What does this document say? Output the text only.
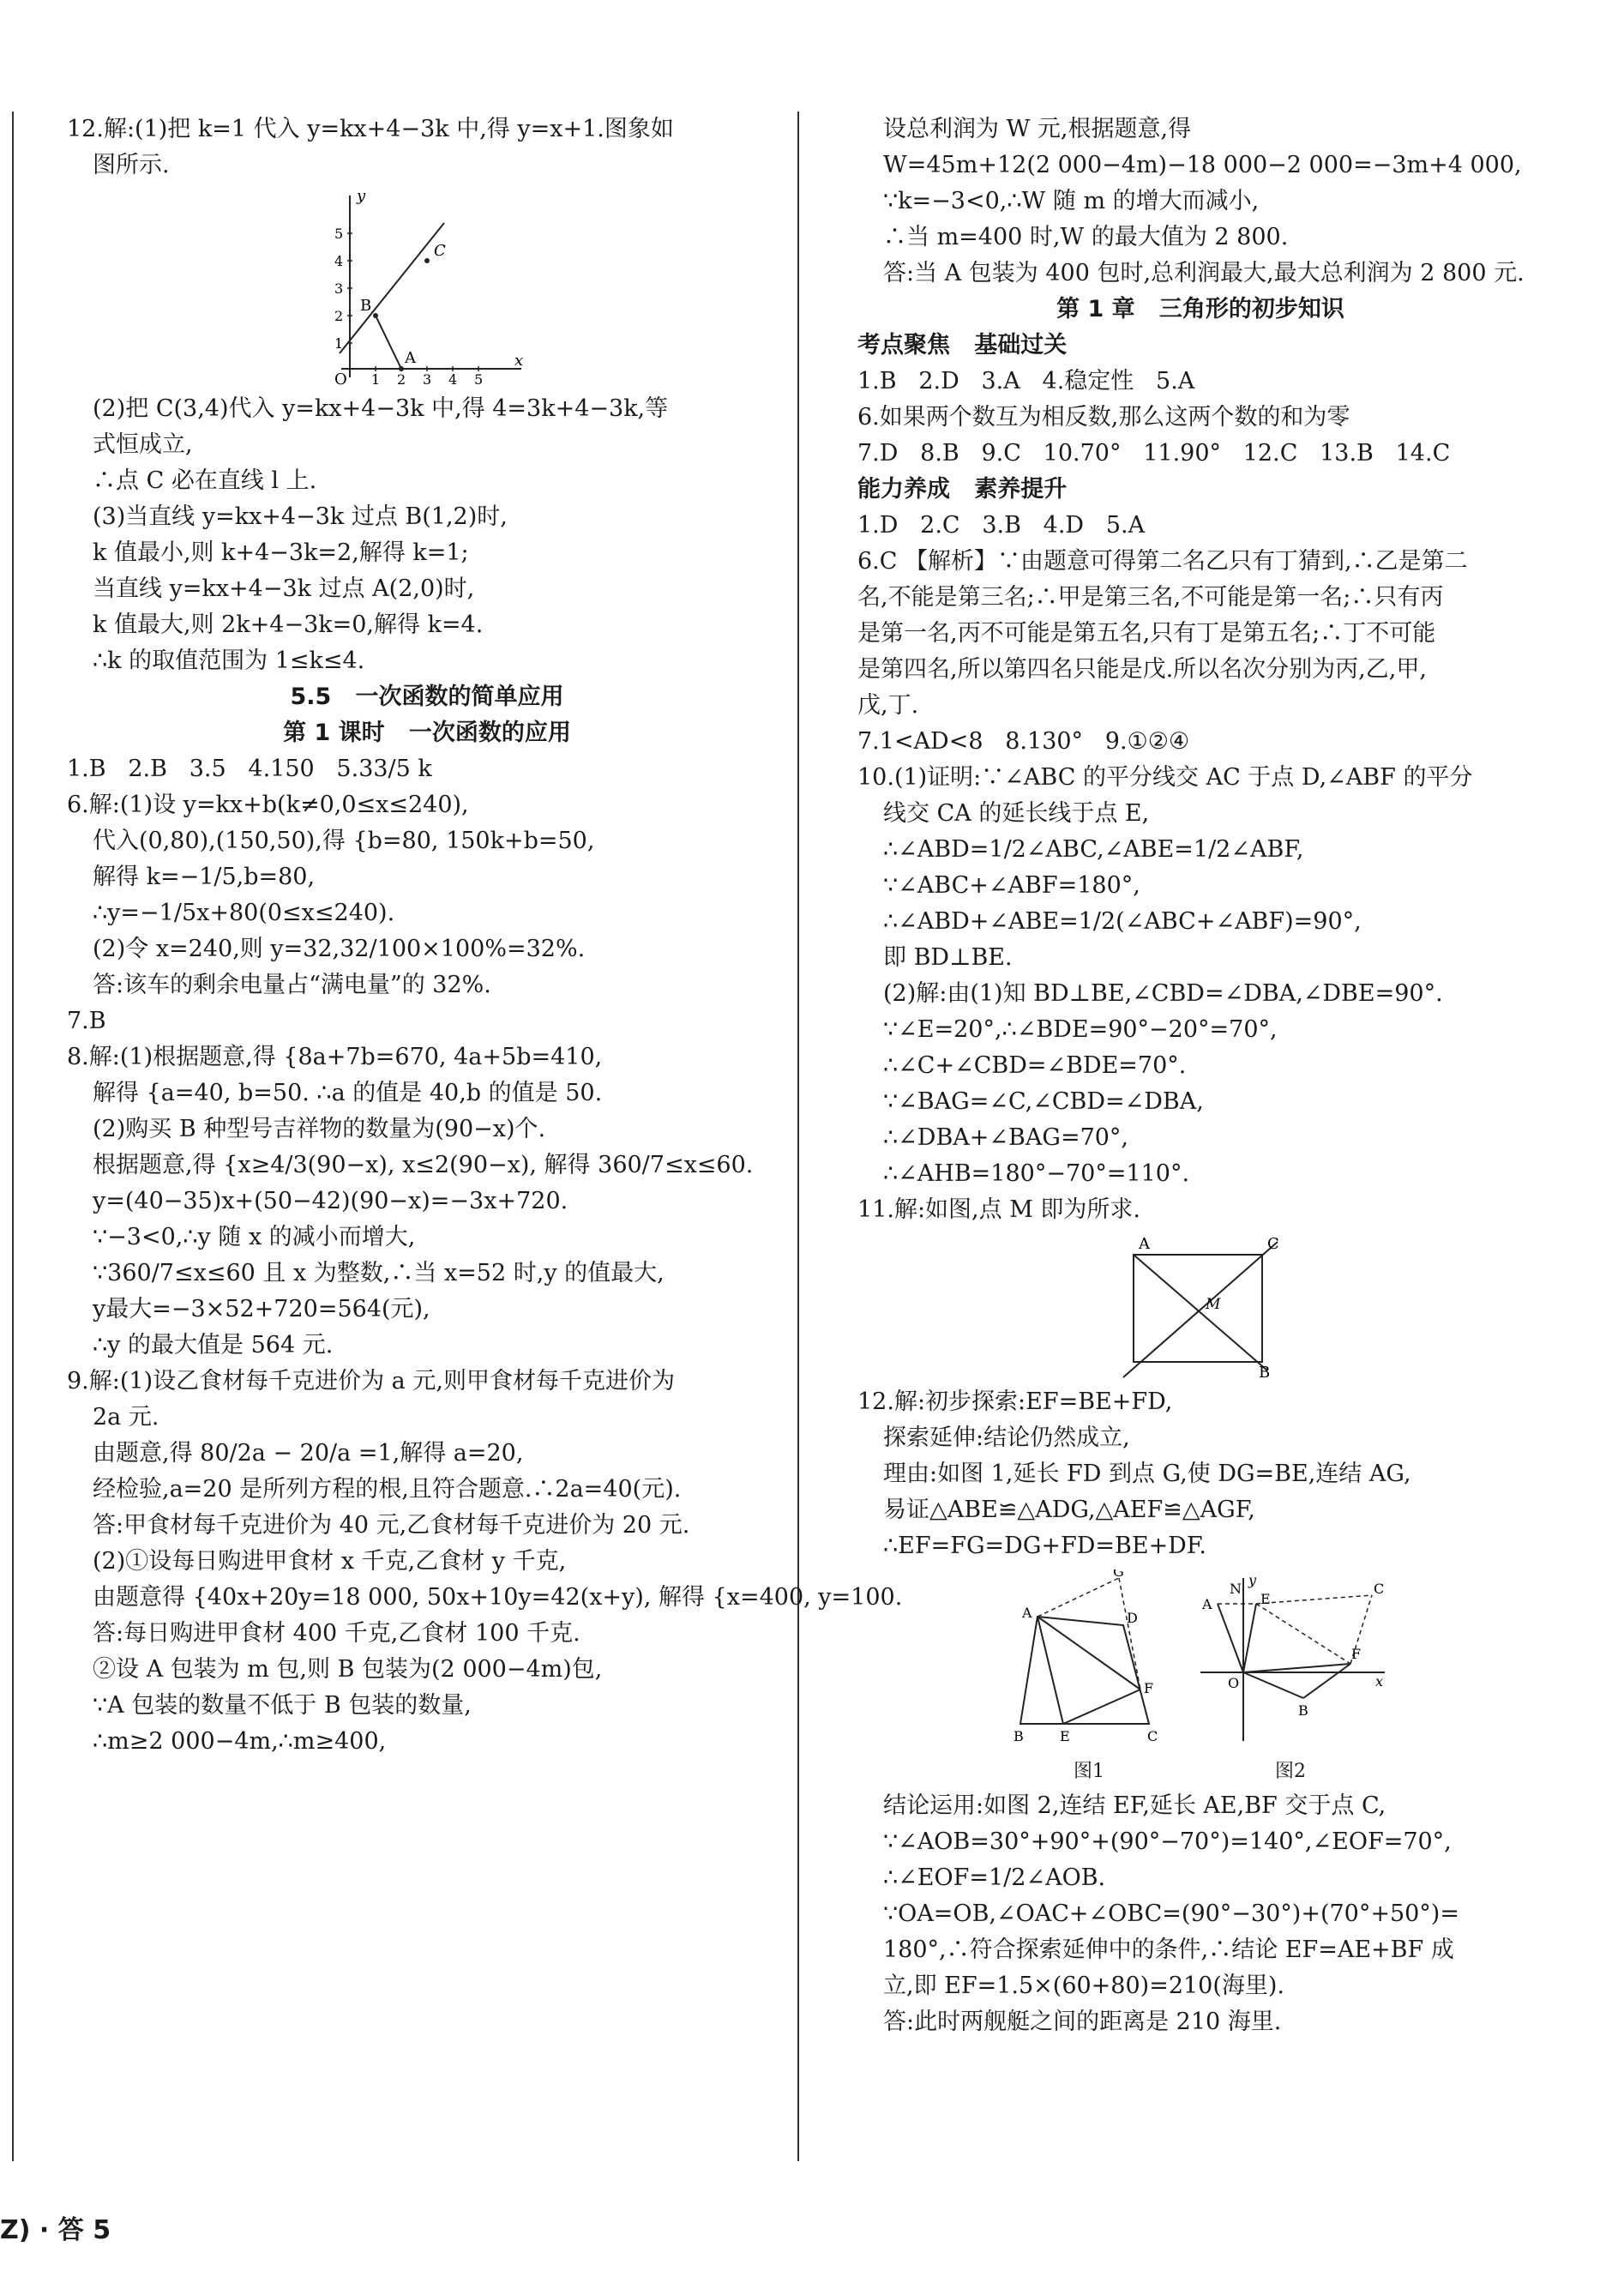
12.解:(1)把 k=1 代入 y=kx+4−3k 中,得 y=x+1.图象如
图所示.
y
x
O
B
C
A
1 2 3 4 5
1
2
3
4
5
(2)把 C(3,4)代入 y=kx+4−3k 中,得 4=3k+4−3k,等
式恒成立,
∴点 C 必在直线 l 上.
(3)当直线 y=kx+4−3k 过点 B(1,2)时,
k 值最小,则 k+4−3k=2,解得 k=1;
当直线 y=kx+4−3k 过点 A(2,0)时,
k 值最大,则 2k+4−3k=0,解得 k=4.
∴k 的取值范围为 1≤k≤4.
5.5   一次函数的简单应用
第 1 课时   一次函数的应用
1.B   2.B   3.5   4.150   5.33/5 k
6.解:(1)设 y=kx+b(k≠0,0≤x≤240),
代入(0,80),(150,50),得 {b=80, 150k+b=50,
解得 k=−1/5,b=80,
∴y=−1/5x+80(0≤x≤240).
(2)令 x=240,则 y=32,32/100×100%=32%.
答:该车的剩余电量占“满电量”的 32%.
7.B
8.解:(1)根据题意,得 {8a+7b=670, 4a+5b=410,
解得 {a=40, b=50. ∴a 的值是 40,b 的值是 50.
(2)购买 B 种型号吉祥物的数量为(90−x)个.
根据题意,得 {x≥4/3(90−x), x≤2(90−x), 解得 360/7≤x≤60.
y=(40−35)x+(50−42)(90−x)=−3x+720.
∵−3<0,∴y 随 x 的减小而增大,
∵360/7≤x≤60 且 x 为整数,∴当 x=52 时,y 的值最大,
y最大=−3×52+720=564(元),
∴y 的最大值是 564 元.
9.解:(1)设乙食材每千克进价为 a 元,则甲食材每千克进价为
2a 元.
由题意,得 80/2a − 20/a =1,解得 a=20,
经检验,a=20 是所列方程的根,且符合题意.∴2a=40(元).
答:甲食材每千克进价为 40 元,乙食材每千克进价为 20 元.
(2)①设每日购进甲食材 x 千克,乙食材 y 千克,
由题意得 {40x+20y=18 000, 50x+10y=42(x+y), 解得 {x=400, y=100.
答:每日购进甲食材 400 千克,乙食材 100 千克.
②设 A 包装为 m 包,则 B 包装为(2 000−4m)包,
∵A 包装的数量不低于 B 包装的数量,
∴m≥2 000−4m,∴m≥400,
设总利润为 W 元,根据题意,得
W=45m+12(2 000−4m)−18 000−2 000=−3m+4 000,
∵k=−3<0,∴W 随 m 的增大而减小,
∴当 m=400 时,W 的最大值为 2 800.
答:当 A 包装为 400 包时,总利润最大,最大总利润为 2 800 元.
第 1 章   三角形的初步知识
考点聚焦   基础过关
1.B   2.D   3.A   4.稳定性   5.A
6.如果两个数互为相反数,那么这两个数的和为零
7.D   8.B   9.C   10.70°   11.90°   12.C   13.B   14.C
能力养成   素养提升
1.D   2.C   3.B   4.D   5.A
6.C 【解析】∵由题意可得第二名乙只有丁猜到,∴乙是第二
名,不能是第三名;∴甲是第三名,不可能是第一名;∴只有丙
是第一名,丙不可能是第五名,只有丁是第五名;∴丁不可能
是第四名,所以第四名只能是戊.所以名次分别为丙,乙,甲,
戊,丁.
7.1<AD<8   8.130°   9.①②④
10.(1)证明:∵∠ABC 的平分线交 AC 于点 D,∠ABF 的平分
线交 CA 的延长线于点 E,
∴∠ABD=1/2∠ABC,∠ABE=1/2∠ABF,
∵∠ABC+∠ABF=180°,
∴∠ABD+∠ABE=1/2(∠ABC+∠ABF)=90°,
即 BD⊥BE.
(2)解:由(1)知 BD⊥BE,∠CBD=∠DBA,∠DBE=90°.
∵∠E=20°,∴∠BDE=90°−20°=70°,
∴∠C+∠CBD=∠BDE=70°.
∵∠BAG=∠C,∠CBD=∠DBA,
∴∠DBA+∠BAG=70°,
∴∠AHB=180°−70°=110°.
11.解:如图,点 M 即为所求.
A	C
M
B
12.解:初步探索:EF=BE+FD,
探索延伸:结论仍然成立,
理由:如图 1,延长 FD 到点 G,使 DG=BE,连结 AG,
易证△ABE≌△ADG,△AEF≌△AGF,
∴EF=FG=DG+FD=BE+DF.
G
A	D
F
B	E	C
图1
N
y
A	E
C
F
O	x
B
图2
结论运用:如图 2,连结 EF,延长 AE,BF 交于点 C,
∵∠AOB=30°+90°+(90°−70°)=140°,∠EOF=70°,
∴∠EOF=1/2∠AOB.
∵OA=OB,∠OAC+∠OBC=(90°−30°)+(70°+50°)=
180°,∴符合探索延伸中的条件,∴结论 EF=AE+BF 成
立,即 EF=1.5×(60+80)=210(海里).
答:此时两舰艇之间的距离是 210 海里.
Z) · 答 5
